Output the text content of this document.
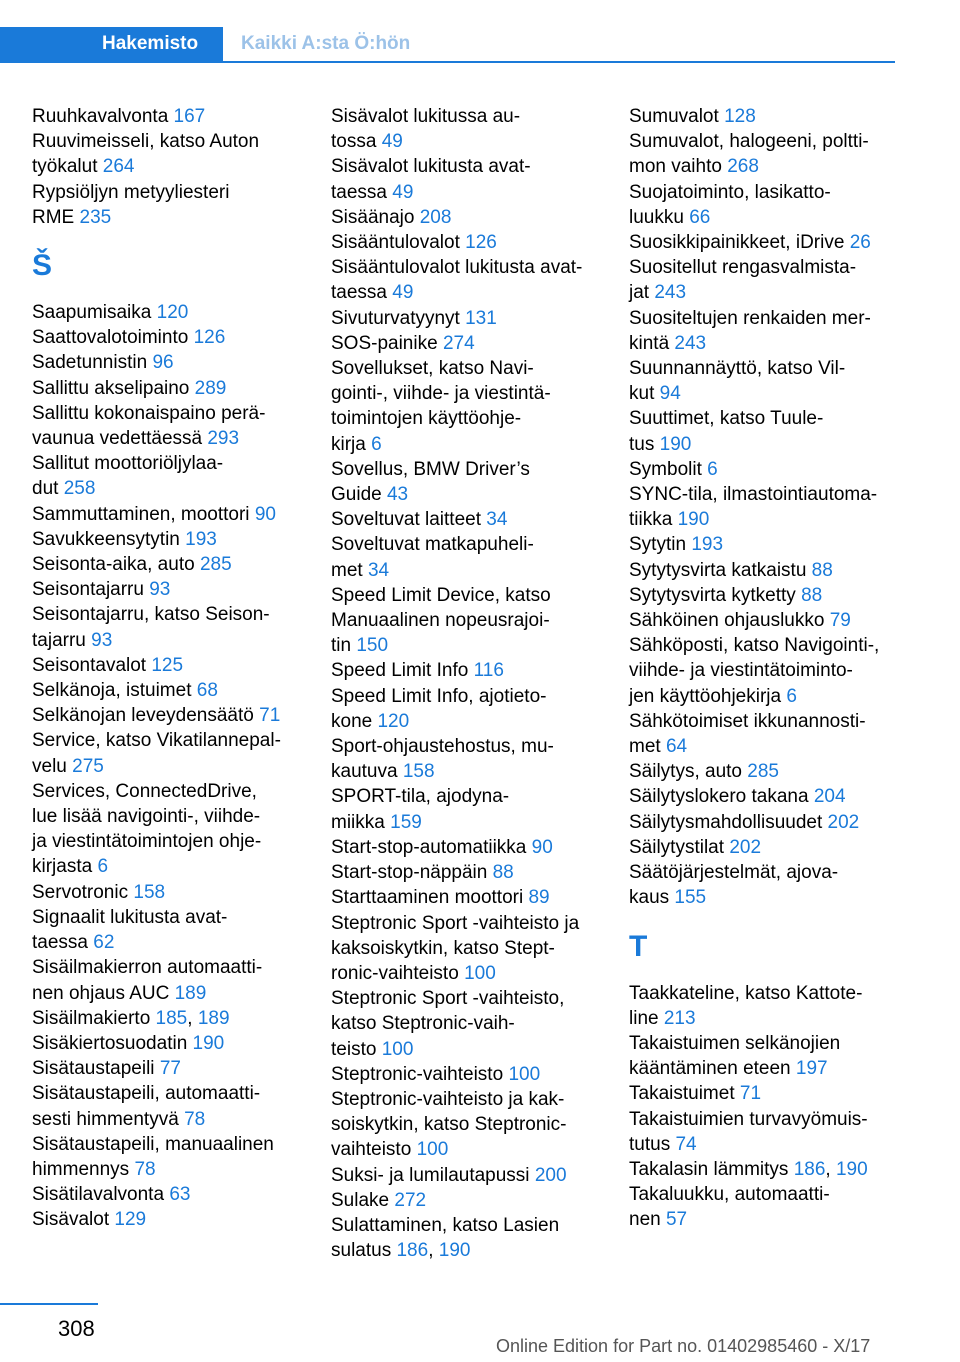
Hakemisto	Kaikki A:sta Ö:hön
Ruuhkavalvonta 167
Ruuvimeisseli, katso Auton
työkalut 264
Rypsiöljyn metyyliesteri
RME 235
Š
Saapumisaika 120
Saattovalotoiminto 126
Sadetunnistin 96
Sallittu akselipaino 289
Sallittu kokonaispaino perä-
vaunua vedettäessä 293
Sallitut moottoriöljylaa-
dut 258
Sammuttaminen, moottori 90
Savukkeensytytin 193
Seisonta-aika, auto 285
Seisontajarru 93
Seisontajarru, katso Seison-
tajarru 93
Seisontavalot 125
Selkänoja, istuimet 68
Selkänojan leveydensäätö 71
Service, katso Vikatilannepal-
velu 275
Services, ConnectedDrive,
lue lisää navigointi-, viihde-
ja viestintätoimintojen ohje-
kirjasta 6
Servotronic 158
Signaalit lukitusta avat-
taessa 62
Sisäilmakierron automaatti-
nen ohjaus AUC 189
Sisäilmakierto 185, 189
Sisäkiertosuodatin 190
Sisätaustapeili 77
Sisätaustapeili, automaatti-
sesti himmentyvä 78
Sisätaustapeili, manuaalinen
himmennys 78
Sisätilavalvonta 63
Sisävalot 129
Sisävalot lukitussa au-
tossa 49
Sisävalot lukitusta avat-
taessa 49
Sisäänajo 208
Sisääntulovalot 126
Sisääntulovalot lukitusta avat-
taessa 49
Sivuturvatyynyt 131
SOS-painike 274
Sovellukset, katso Navi-
gointi-, viihde- ja viestintä-
toimintojen käyttöohje-
kirja 6
Sovellus, BMW Driver’s
Guide 43
Soveltuvat laitteet 34
Soveltuvat matkapuheli-
met 34
Speed Limit Device, katso
Manuaalinen nopeusrajoi-
tin 150
Speed Limit Info 116
Speed Limit Info, ajotieto-
kone 120
Sport-ohjaustehostus, mu-
kautuva 158
SPORT-tila, ajodyna-
miikka 159
Start-stop-automatiikka 90
Start-stop-näppäin 88
Starttaaminen moottori 89
Steptronic Sport -vaihteisto ja
kaksoiskytkin, katso Stept-
ronic-vaihteisto 100
Steptronic Sport -vaihteisto,
katso Steptronic-vaih-
teisto 100
Steptronic-vaihteisto 100
Steptronic-vaihteisto ja kak-
soiskytkin, katso Steptronic-
vaihteisto 100
Suksi- ja lumilautapussi 200
Sulake 272
Sulattaminen, katso Lasien
sulatus 186, 190
Sumuvalot 128
Sumuvalot, halogeeni, poltti-
mon vaihto 268
Suojatoiminto, lasikatto-
luukku 66
Suosikkipainikkeet, iDrive 26
Suositellut rengasvalmista-
jat 243
Suositeltujen renkaiden mer-
kintä 243
Suunnannäyttö, katso Vil-
kut 94
Suuttimet, katso Tuule-
tus 190
Symbolit 6
SYNC-tila, ilmastointiautoma-
tiikka 190
Sytytin 193
Sytytysvirta katkaistu 88
Sytytysvirta kytketty 88
Sähköinen ohjauslukko 79
Sähköposti, katso Navigointi-,
viihde- ja viestintätoiminto-
jen käyttöohjekirja 6
Sähkötoimiset ikkunannosti-
met 64
Säilytys, auto 285
Säilytyslokero takana 204
Säilytysmahdollisuudet 202
Säilytystilat 202
Säätöjärjestelmät, ajova-
kaus 155
T
Taakkateline, katso Kattote-
line 213
Takaistuimen selkänojien
kääntäminen eteen 197
Takaistuimet 71
Takaistuimien turvavyömuis-
tutus 74
Takalasin lämmitys 186, 190
Takaluukku, automaatti-
nen 57
308
Online Edition for Part no. 01402985460 - X/17
